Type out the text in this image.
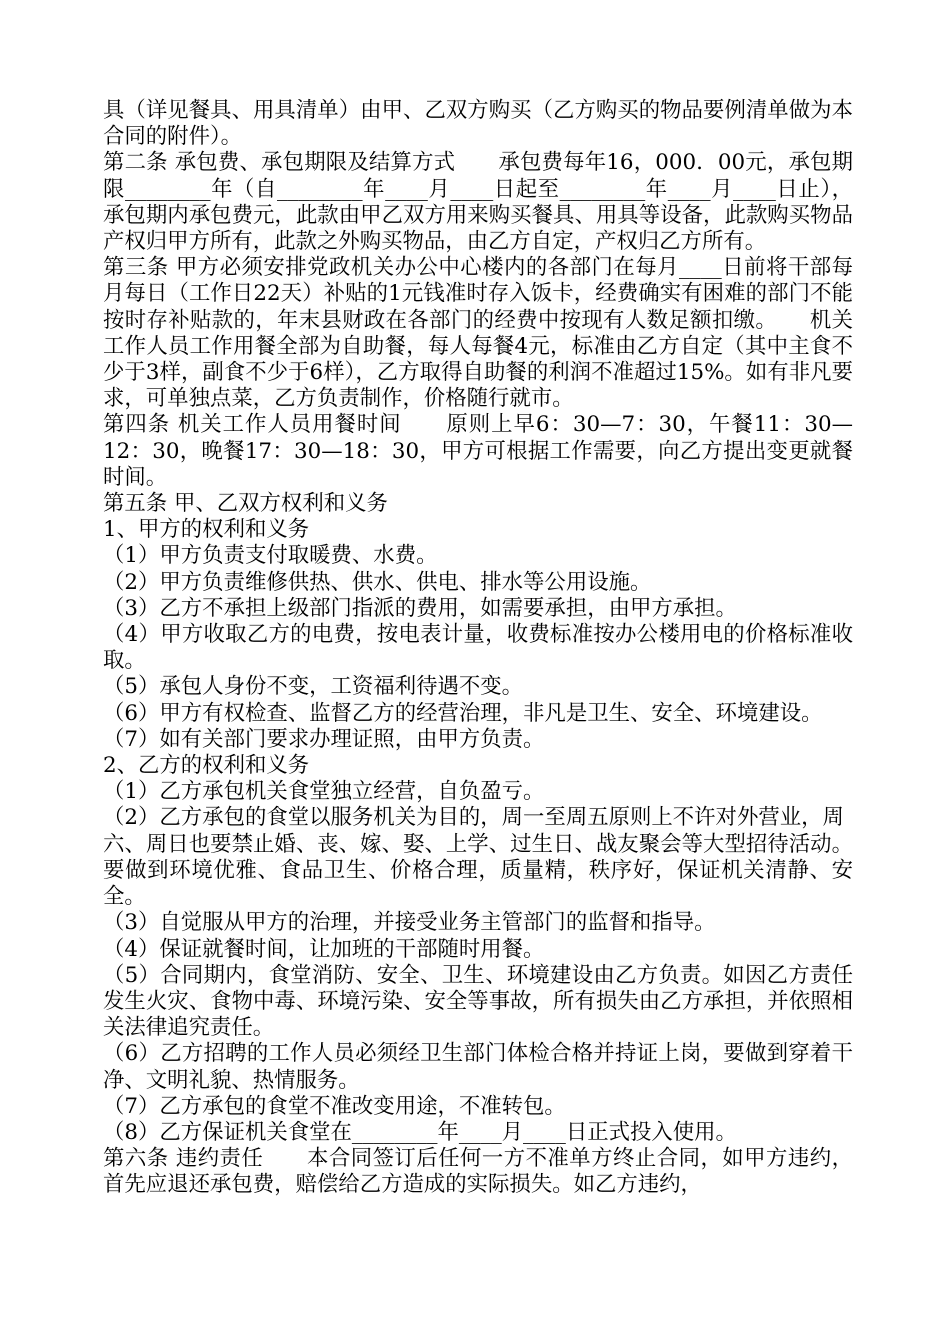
具（详见餐具、用具清单）由甲、乙双方购买（乙方购买的物品要例清单做为本合同的附件）。

第二条 承包费、承包期限及结算方式　　承包费每年16，000．00元，承包期限________年（自________年____月____日起至________年____月____日止），承包期内承包费元，此款由甲乙双方用来购买餐具、用具等设备，此款购买物品 产权归甲方所有，此款之外购买物品，由乙方自定，产权归乙方所有。

第三条 甲方必须安排党政机关办公中心楼内的各部门在每月____日前将干部每月每日（工作日22天）补贴的1元钱准时存入饭卡，经费确实有困难的部门不能按时存补贴款的，年末县财政在各部门的经费中按现有人数足额扣缴。　　机关工作人员工作用餐全部为自助餐，每人每餐4元，标准由乙方自定（其中主食不少于3样，副食不少于6样），乙方取得自助餐的利润不准超过15%。如有非凡要求，可单独点菜，乙方负责制作，价格随行就市。

第四条 机关工作人员用餐时间　　原则上早6：30—7：30，午餐11：30—12：30，晚餐17：30—18：30，甲方可根据工作需要，向乙方提出变更就餐时间。

第五条 甲、乙双方权利和义务

1、甲方的权利和义务

（1）甲方负责支付取暖费、水费。

（2）甲方负责维修供热、供水、供电、排水等公用设施。

（3）乙方不承担上级部门指派的费用，如需要承担，由甲方承担。

（4）甲方收取乙方的电费，按电表计量，收费标准按办公楼用电的价格标准收取。

（5）承包人身份不变，工资福利待遇不变。

（6）甲方有权检查、监督乙方的经营治理，非凡是卫生、安全、环境建设。

（7）如有关部门要求办理证照，由甲方负责。

2、乙方的权利和义务

（1）乙方承包机关食堂独立经营，自负盈亏。

（2）乙方承包的食堂以服务机关为目的，周一至周五原则上不许对外营业，周

六、周日也要禁止婚、丧、嫁、娶、上学、过生日、战友聚会等大型招待活动。要做到环境优雅、食品卫生、价格合理，质量精，秩序好，保证机关清静、安全。

（3）自觉服从甲方的治理，并接受业务主管部门的监督和指导。

（4）保证就餐时间，让加班的干部随时用餐。

（5）合同期内，食堂消防、安全、卫生、环境建设由乙方负责。如因乙方责任发生火灾、食物中毒、环境污染、安全等事故，所有损失由乙方承担，并依照相关法律追究责任。

（6）乙方招聘的工作人员必须经卫生部门体检合格并持证上岗，要做到穿着干净、文明礼貌、热情服务。

（7）乙方承包的食堂不准改变用途，不准转包。

（8）乙方保证机关食堂在________年____月____日正式投入使用。

第六条 违约责任　　本合同签订后任何一方不准单方终止合同，如甲方违约，首先应退还承包费，赔偿给乙方造成的实际损失。如乙方违约，
